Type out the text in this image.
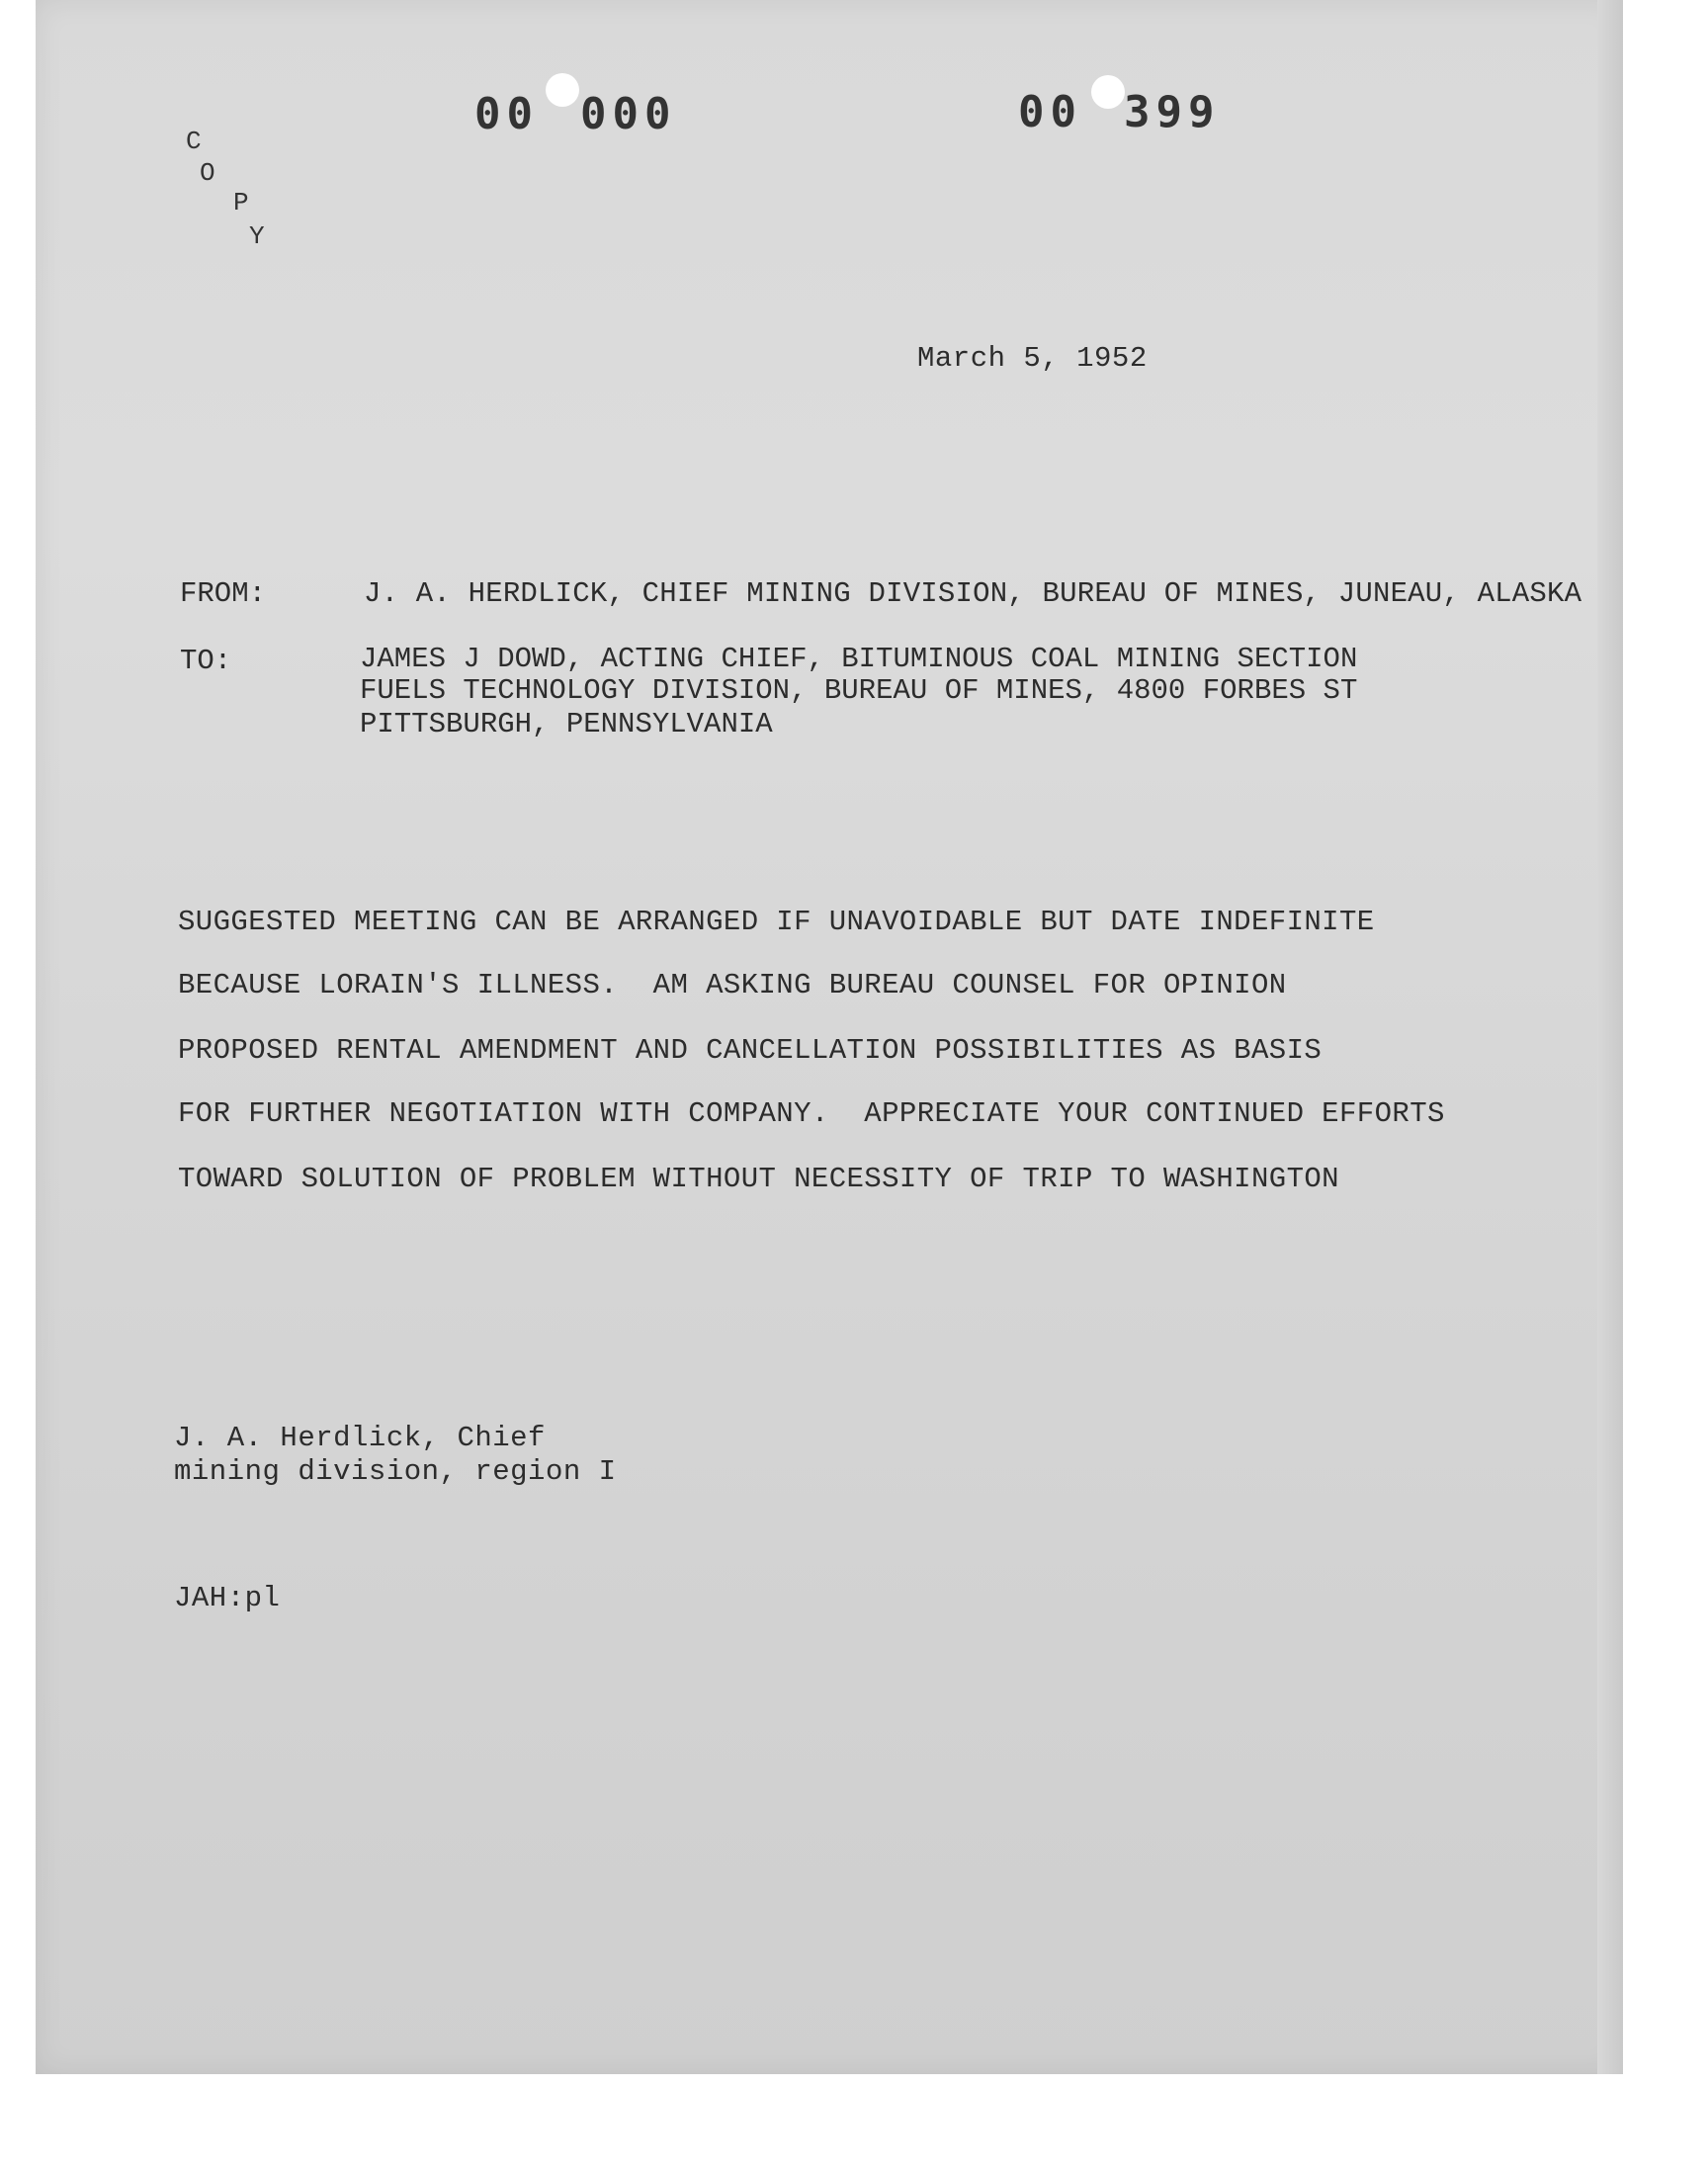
00 000	00 399
C
O
P
Y
March 5, 1952
FROM:	J. A. HERDLICK, CHIEF MINING DIVISION, BUREAU OF MINES, JUNEAU, ALASKA
TO:	JAMES J DOWD, ACTING CHIEF, BITUMINOUS COAL MINING SECTION
FUELS TECHNOLOGY DIVISION, BUREAU OF MINES, 4800 FORBES ST
PITTSBURGH, PENNSYLVANIA
SUGGESTED MEETING CAN BE ARRANGED IF UNAVOIDABLE BUT DATE INDEFINITE
BECAUSE LORAIN'S ILLNESS.  AM ASKING BUREAU COUNSEL FOR OPINION
PROPOSED RENTAL AMENDMENT AND CANCELLATION POSSIBILITIES AS BASIS
FOR FURTHER NEGOTIATION WITH COMPANY.  APPRECIATE YOUR CONTINUED EFFORTS
TOWARD SOLUTION OF PROBLEM WITHOUT NECESSITY OF TRIP TO WASHINGTON
J. A. Herdlick, Chief
mining division, region I
JAH:pl
